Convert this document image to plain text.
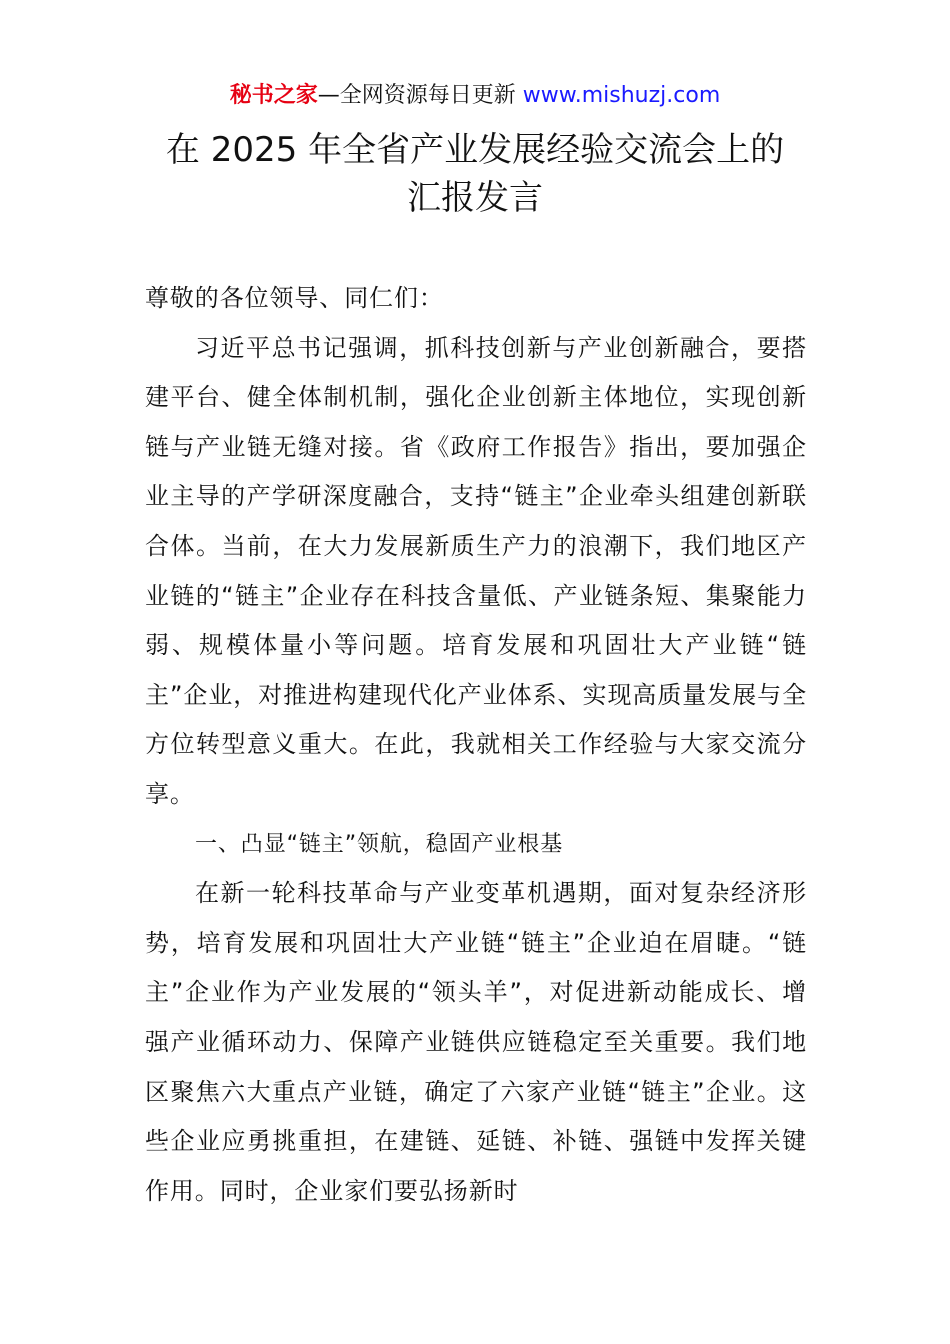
秘书之家—全网资源每日更新 www.mishuzj.com
在 2025 年全省产业发展经验交流会上的
汇报发言

尊敬的各位领导、同仁们：

习近平总书记强调，抓科技创新与产业创新融合，要搭建平台、健全体制机制，强化企业创新主体地位，实现创新链与产业链无缝对接。省《政府工作报告》指出，要加强企业主导的产学研深度融合，支持“链主”企业牵头组建创新联合体。当前，在大力发展新质生产力的浪潮下，我们地区产业链的“链主”企业存在科技含量低、产业链条短、集聚能力弱、规模体量小等问题。培育发展和巩固壮大产业链“链主”企业，对推进构建现代化产业体系、实现高质量发展与全方位转型意义重大。在此，我就相关工作经验与大家交流分享。

一、凸显“链主”领航，稳固产业根基

在新一轮科技革命与产业变革机遇期，面对复杂经济形势，培育发展和巩固壮大产业链“链主”企业迫在眉睫。“链主”企业作为产业发展的“领头羊”，对促进新动能成长、增强产业循环动力、保障产业链供应链稳定至关重要。我们地区聚焦六大重点产业链，确定了六家产业链“链主”企业。这些企业应勇挑重担，在建链、延链、补链、强链中发挥关键作用。同时，企业家们要弘扬新时
